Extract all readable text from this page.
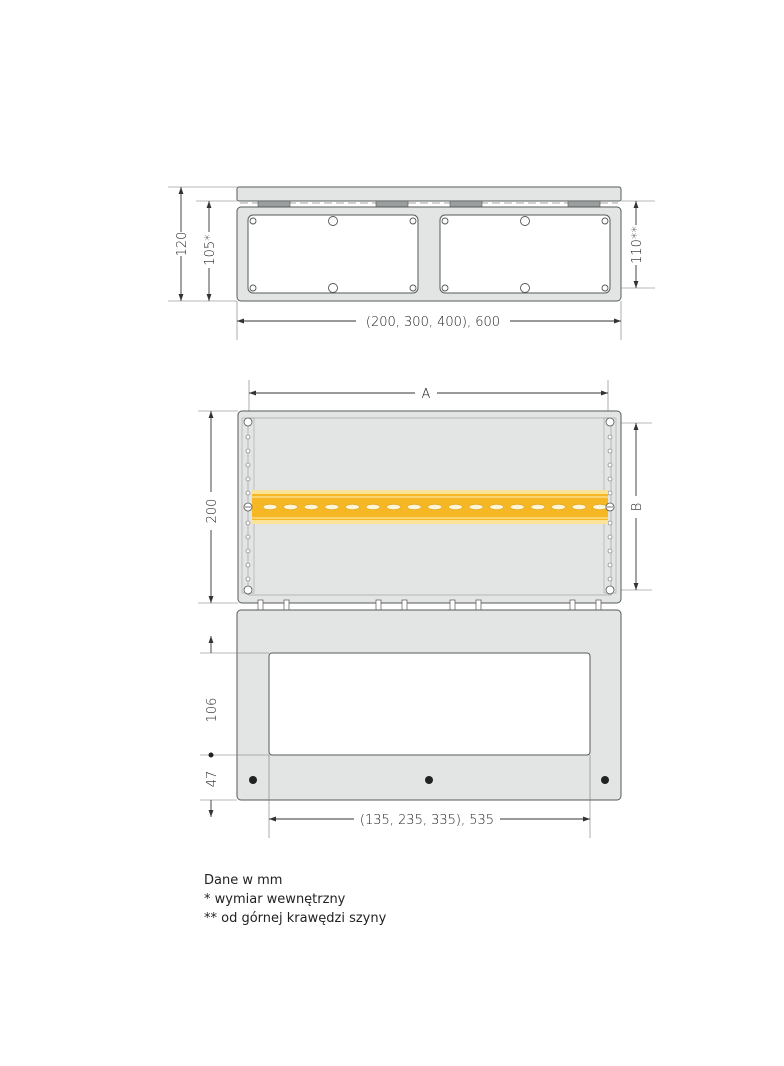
120 105*	110**
(200, 300, 400), 600
A
200	B
106
47
(135, 235, 335), 535
Dane w mm
* wymiar wewnętrzny
** od górnej krawędzi szyny
